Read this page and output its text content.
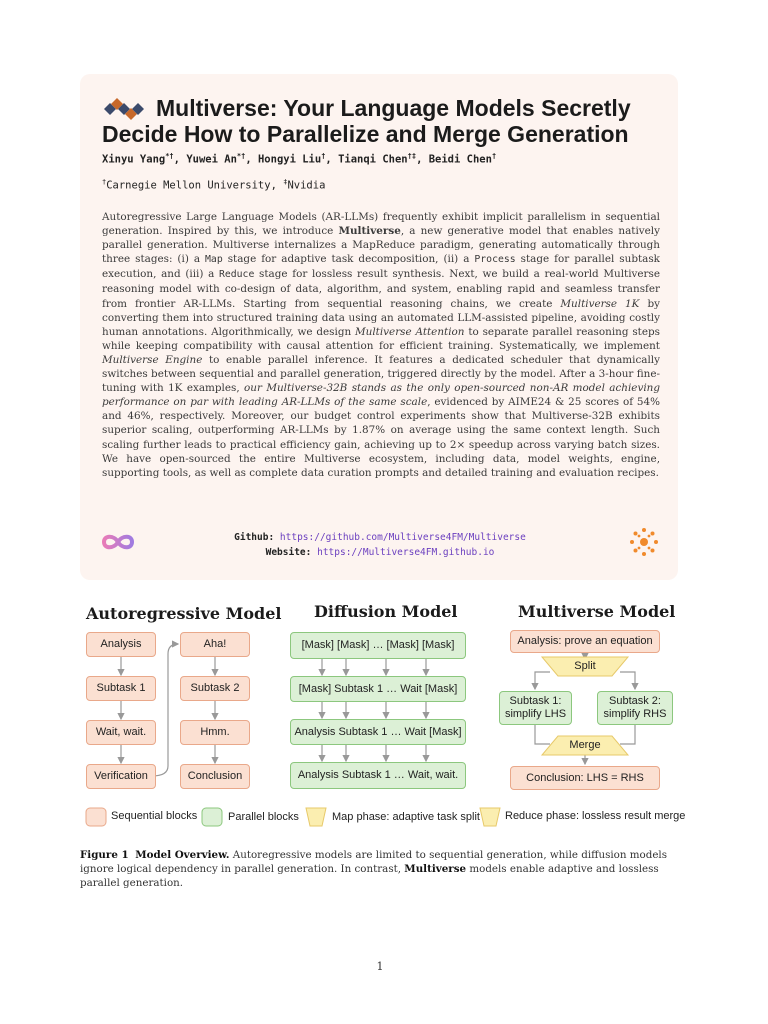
Multiverse: Your Language Models Secretly
Decide How to Parallelize and Merge Generation
Xinyu Yang*†, Yuwei An*†, Hongyi Liu†, Tianqi Chen†‡, Beidi Chen†
†Carnegie Mellon University, ‡Nvidia

Autoregressive Large Language Models (AR-LLMs) frequently exhibit implicit parallelism in sequential generation. Inspired by this, we introduce Multiverse, a new generative model that enables natively parallel generation. Multiverse internalizes a MapReduce paradigm, generating automatically through three stages: (i) a Map stage for adaptive task decomposition, (ii) a Process stage for parallel subtask execution, and (iii) a Reduce stage for lossless result synthesis. Next, we build a real-world Multiverse reasoning model with co-design of data, algorithm, and system, enabling rapid and seamless transfer from frontier AR-LLMs. Starting from sequential reasoning chains, we create Multiverse 1K by converting them into structured training data using an automated LLM-assisted pipeline, avoiding costly human annotations. Algorithmically, we design Multiverse Attention to separate parallel reasoning steps while keeping compatibility with causal attention for efficient training. Systematically, we implement Multiverse Engine to enable parallel inference. It features a dedicated scheduler that dynamically switches between sequential and parallel generation, triggered directly by the model. After a 3-hour fine-tuning with 1K examples, our Multiverse-32B stands as the only open-sourced non-AR model achieving performance on par with leading AR-LLMs of the same scale, evidenced by AIME24 & 25 scores of 54% and 46%, respectively. Moreover, our budget control experiments show that Multiverse-32B exhibits superior scaling, outperforming AR-LLMs by 1.87% on average using the same context length. Such scaling further leads to practical efficiency gain, achieving up to 2× speedup across varying batch sizes. We have open-sourced the entire Multiverse ecosystem, including data, model weights, engine, supporting tools, as well as complete data curation prompts and detailed training and evaluation recipes.

Github: https://github.com/Multiverse4FM/Multiverse
Website: https://Multiverse4FM.github.io
Autoregressive Model Diffusion Model	Multiverse Model
Analysis
Subtask 1
Wait, wait.
Verification
Aha!
Subtask 2
Hmm.
Conclusion
[Mask] [Mask] … [Mask] [Mask]
[Mask] Subtask 1 … Wait [Mask]
Analysis Subtask 1 … Wait [Mask]
Analysis Subtask 1 … Wait, wait.
Analysis: prove an equation
Split
Subtask 1:
simplify LHS
Subtask 2:
simplify RHS
Merge
Conclusion: LHS = RHS
Sequential blocks	Parallel blocks	Map phase: adaptive task split Reduce phase: lossless result merge

Figure 1 Model Overview. Autoregressive models are limited to sequential generation, while diffusion models ignore logical dependency in parallel generation. In contrast, Multiverse models enable adaptive and lossless parallel generation.

1
